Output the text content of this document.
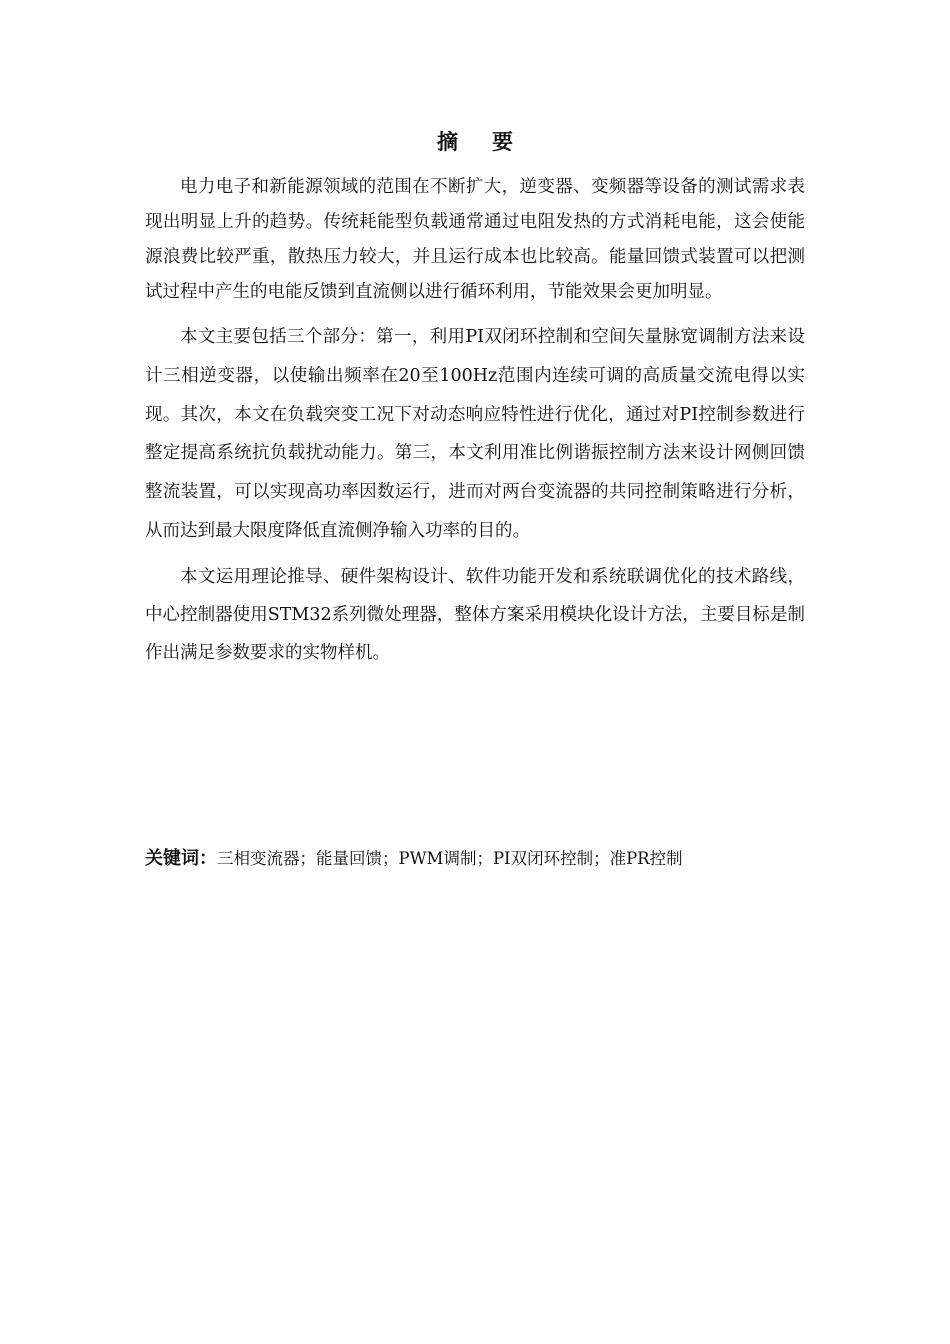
摘要

电力电子和新能源领域的范围在不断扩大，逆变器、变频器等设备的测试需求表现出明显上升的趋势。传统耗能型负载通常通过电阻发热的方式消耗电能，这会使能源浪费比较严重，散热压力较大，并且运行成本也比较高。能量回馈式装置可以把测试过程中产生的电能反馈到直流侧以进行循环利用，节能效果会更加明显。

本文主要包括三个部分：第一，利用PI双闭环控制和空间矢量脉宽调制方法来设计三相逆变器，以使输出频率在20至100Hz范围内连续可调的高质量交流电得以实现。其次，本文在负载突变工况下对动态响应特性进行优化，通过对PI控制参数进行整定提高系统抗负载扰动能力。第三，本文利用准比例谐振控制方法来设计网侧回馈整流装置，可以实现高功率因数运行，进而对两台变流器的共同控制策略进行分析，从而达到最大限度降低直流侧净输入功率的目的。

本文运用理论推导、硬件架构设计、软件功能开发和系统联调优化的技术路线，中心控制器使用STM32系列微处理器，整体方案采用模块化设计方法，主要目标是制作出满足参数要求的实物样机。

关键词：三相变流器；能量回馈；PWM调制；PI双闭环控制；准PR控制
